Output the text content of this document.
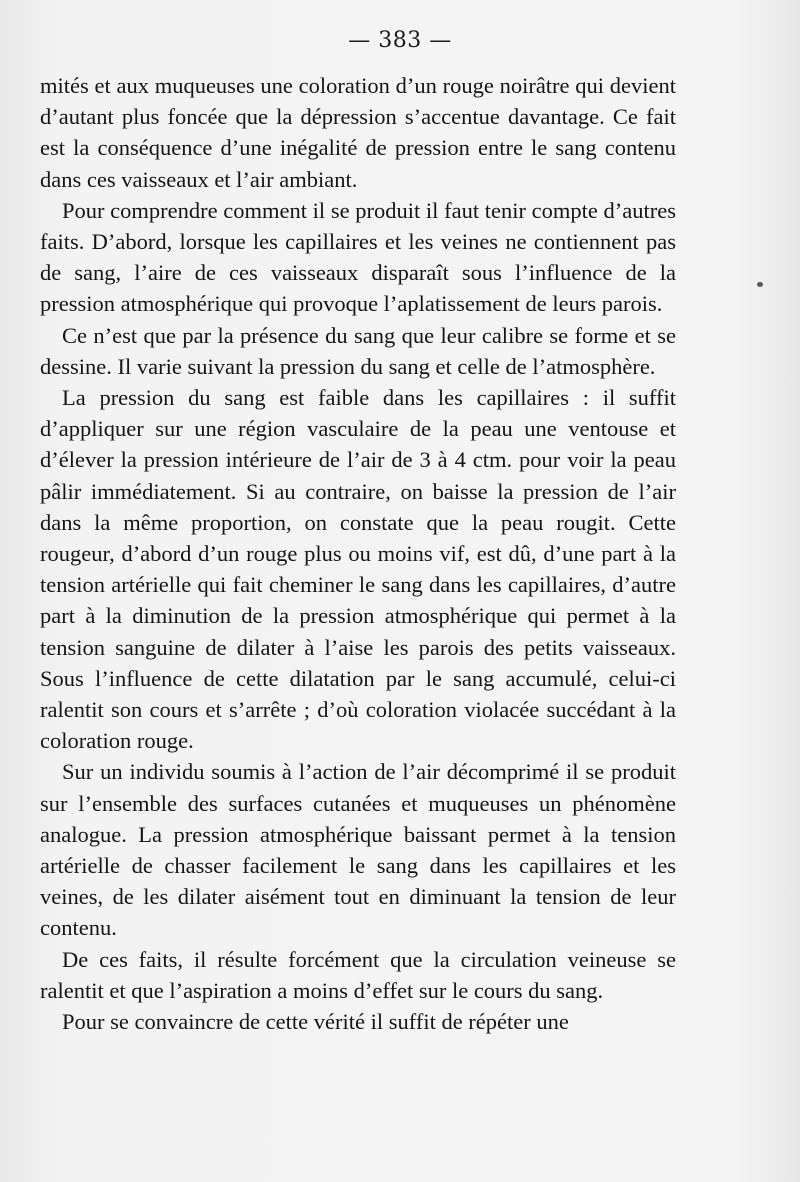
— 383 —

mités et aux muqueuses une coloration d’un rouge noirâtre qui devient d’autant plus foncée que la dépression s’accentue davantage. Ce fait est la conséquence d’une inégalité de pression entre le sang contenu dans ces vaisseaux et l’air ambiant.

Pour comprendre comment il se produit il faut tenir compte d’autres faits. D’abord, lorsque les capillaires et les veines ne contiennent pas de sang, l’aire de ces vaisseaux disparaît sous l’influence de la pression atmosphérique qui provoque l’aplatissement de leurs parois.

Ce n’est que par la présence du sang que leur calibre se forme et se dessine. Il varie suivant la pression du sang et celle de l’atmosphère.

La pression du sang est faible dans les capillaires : il suffit d’appliquer sur une région vasculaire de la peau une ventouse et d’élever la pression intérieure de l’air de 3 à 4 ctm. pour voir la peau pâlir immédiatement. Si au contraire, on baisse la pression de l’air dans la même proportion, on constate que la peau rougit. Cette rougeur, d’abord d’un rouge plus ou moins vif, est dû, d’une part à la tension artérielle qui fait cheminer le sang dans les capillaires, d’autre part à la diminution de la pression atmosphérique qui permet à la tension sanguine de dilater à l’aise les parois des petits vaisseaux. Sous l’influence de cette dilatation par le sang accumulé, celui-ci ralentit son cours et s’arrête ; d’où coloration violacée succédant à la coloration rouge.

Sur un individu soumis à l’action de l’air décomprimé il se produit sur l’ensemble des surfaces cutanées et muqueuses un phénomène analogue. La pression atmosphérique baissant permet à la tension artérielle de chasser facilement le sang dans les capillaires et les veines, de les dilater aisément tout en diminuant la tension de leur contenu.

De ces faits, il résulte forcément que la circulation veineuse se ralentit et que l’aspiration a moins d’effet sur le cours du sang.

Pour se convaincre de cette vérité il suffit de répéter une
